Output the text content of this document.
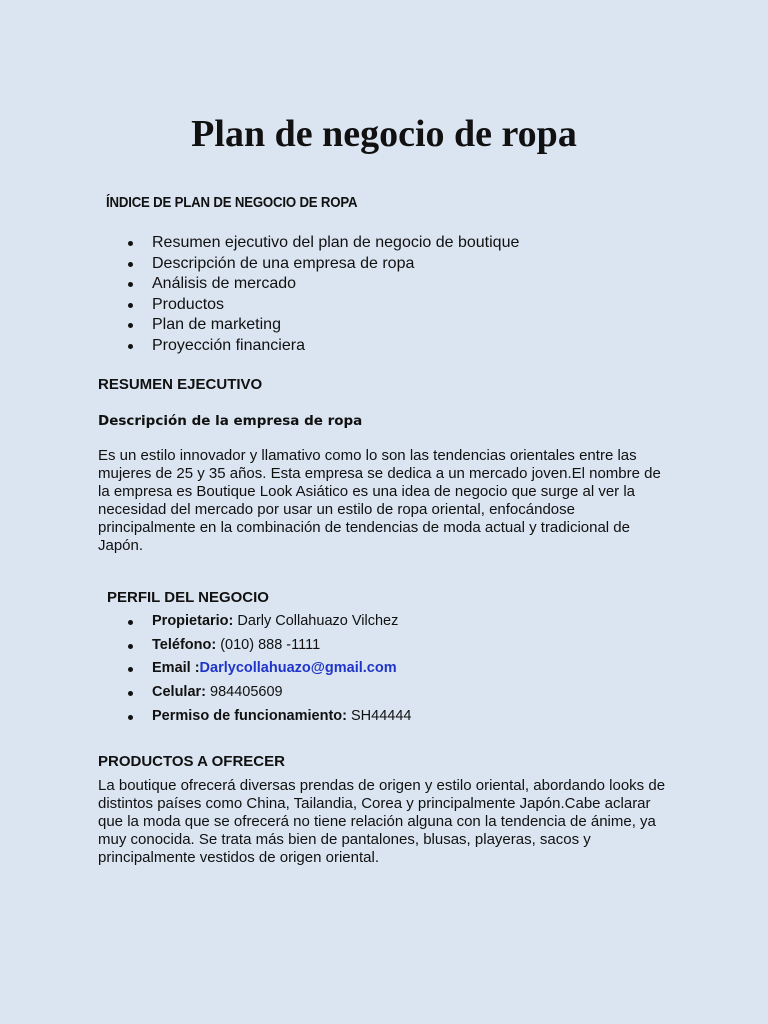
Plan de negocio de ropa
ÍNDICE DE PLAN DE NEGOCIO DE ROPA
Resumen ejecutivo del plan de negocio de boutique
Descripción de una empresa de ropa
Análisis de mercado
Productos
Plan de marketing
Proyección financiera
RESUMEN EJECUTIVO
Descripción de la empresa de ropa

Es un estilo innovador y llamativo como lo son las tendencias orientales entre las
mujeres de 25 y 35 años. Esta empresa se dedica a un mercado joven.El nombre de
la empresa es Boutique Look Asiático es una idea de negocio que surge al ver la
necesidad del mercado por usar un estilo de ropa oriental, enfocándose
principalmente en la combinación de tendencias de moda actual y tradicional de
Japón.

PERFIL DEL NEGOCIO
Propietario: Darly Collahuazo Vilchez
Teléfono: (010) 888 -1111
Email :Darlycollahuazo@gmail.com
Celular: 984405609
Permiso de funcionamiento: SH44444
PRODUCTOS A OFRECER

La boutique ofrecerá diversas prendas de origen y estilo oriental, abordando looks de
distintos países como China, Tailandia, Corea y principalmente Japón.Cabe aclarar
que la moda que se ofrecerá no tiene relación alguna con la tendencia de ánime, ya
muy conocida. Se trata más bien de pantalones, blusas, playeras, sacos y
principalmente vestidos de origen oriental.
